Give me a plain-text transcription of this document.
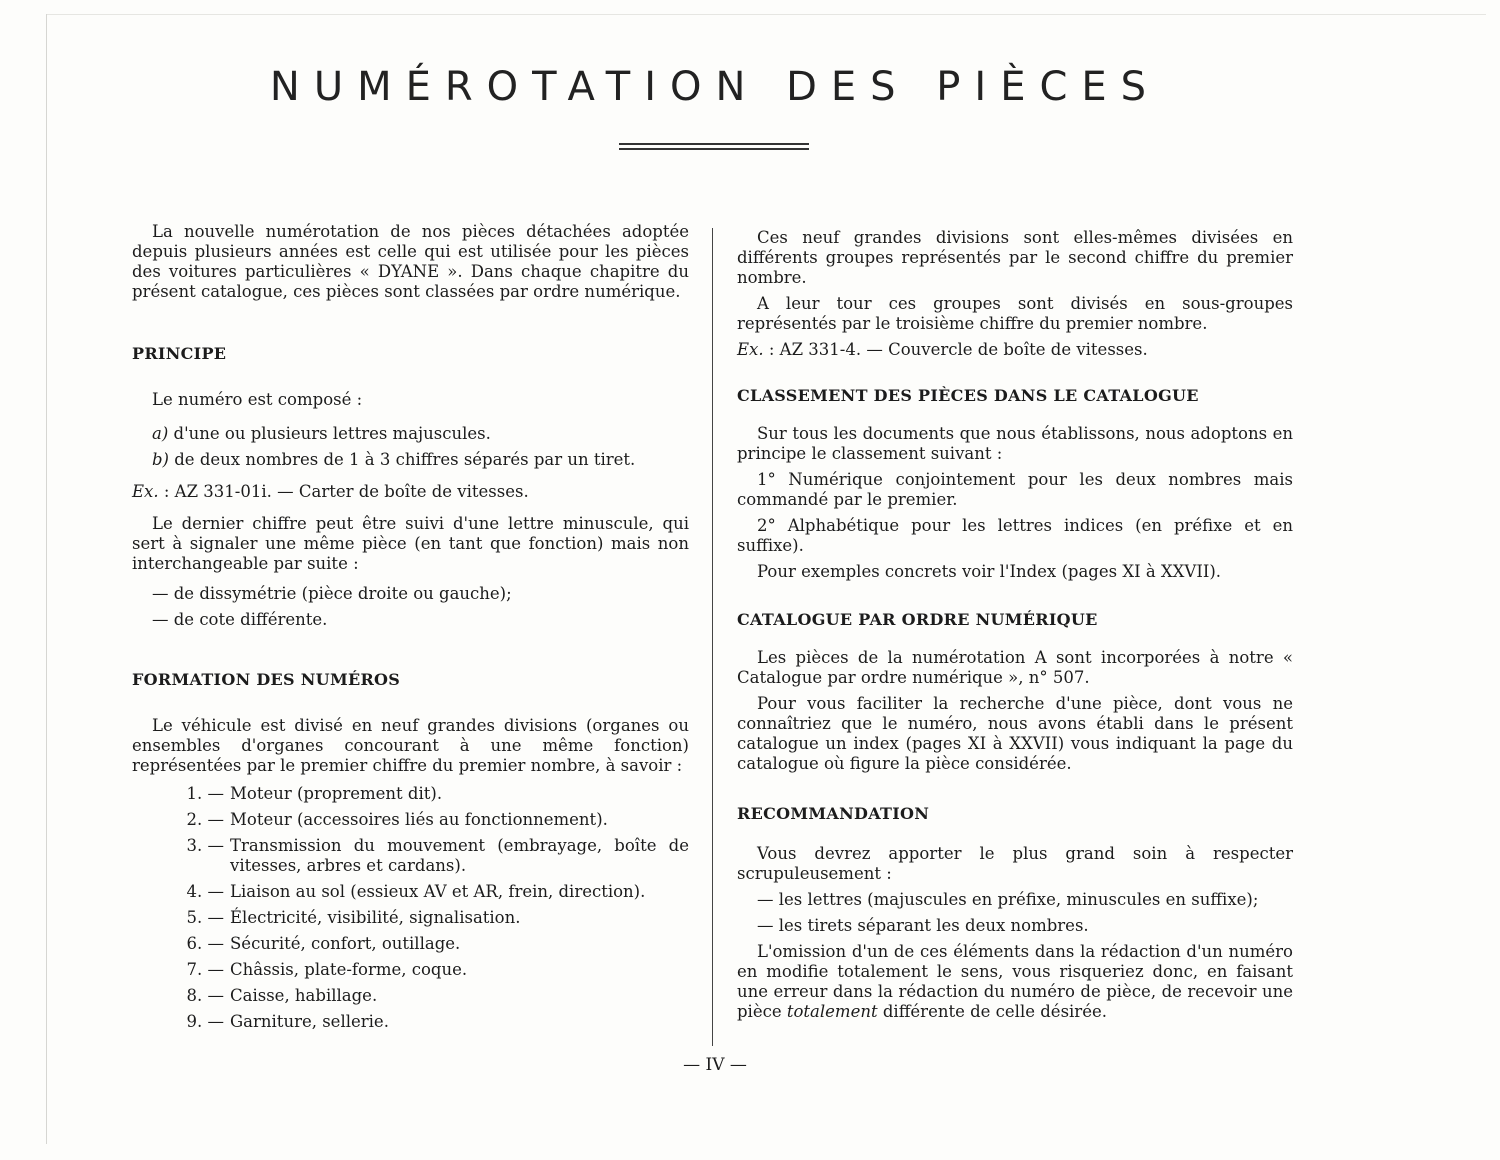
NUMÉROTATION DES PIÈCES

La nouvelle numérotation de nos pièces détachées adoptée depuis plusieurs années est celle qui est utilisée pour les pièces des voitures particulières « DYANE ». Dans chaque chapitre du présent catalogue, ces pièces sont classées par ordre numérique.

PRINCIPE

Le numéro est composé :

a) d'une ou plusieurs lettres majuscules.

b) de deux nombres de 1 à 3 chiffres séparés par un tiret.

Ex. : AZ 331-01i. — Carter de boîte de vitesses.

Le dernier chiffre peut être suivi d'une lettre minuscule, qui sert à signaler une même pièce (en tant que fonction) mais non interchangeable par suite :

— de dissymétrie (pièce droite ou gauche);

— de cote différente.

FORMATION DES NUMÉROS

Le véhicule est divisé en neuf grandes divisions (organes ou ensembles d'organes concourant à une même fonction) représentées par le premier chiffre du premier nombre, à savoir :

1. — Moteur (proprement dit).
2. — Moteur (accessoires liés au fonctionnement).
3. — Transmission du mouvement (embrayage, boîte de vitesses, arbres et cardans).
4. — Liaison au sol (essieux AV et AR, frein, direction).
5. — Électricité, visibilité, signalisation.
6. — Sécurité, confort, outillage.
7. — Châssis, plate-forme, coque.
8. — Caisse, habillage.
9. — Garniture, sellerie.

Ces neuf grandes divisions sont elles-mêmes divisées en différents groupes représentés par le second chiffre du premier nombre.

A leur tour ces groupes sont divisés en sous-groupes représentés par le troisième chiffre du premier nombre.

Ex. : AZ 331-4. — Couvercle de boîte de vitesses.

CLASSEMENT DES PIÈCES DANS LE CATALOGUE

Sur tous les documents que nous établissons, nous adoptons en principe le classement suivant :

1° Numérique conjointement pour les deux nombres mais commandé par le premier.

2° Alphabétique pour les lettres indices (en préfixe et en suffixe).

Pour exemples concrets voir l'Index (pages XI à XXVII).

CATALOGUE PAR ORDRE NUMÉRIQUE

Les pièces de la numérotation A sont incorporées à notre « Catalogue par ordre numérique », n° 507.

Pour vous faciliter la recherche d'une pièce, dont vous ne connaîtriez que le numéro, nous avons établi dans le présent catalogue un index (pages XI à XXVII) vous indiquant la page du catalogue où figure la pièce considérée.

RECOMMANDATION

Vous devrez apporter le plus grand soin à respecter scrupuleusement :

— les lettres (majuscules en préfixe, minuscules en suffixe);

— les tirets séparant les deux nombres.

L'omission d'un de ces éléments dans la rédaction d'un numéro en modifie totalement le sens, vous risqueriez donc, en faisant une erreur dans la rédaction du numéro de pièce, de recevoir une pièce totalement différente de celle désirée.

— IV —
